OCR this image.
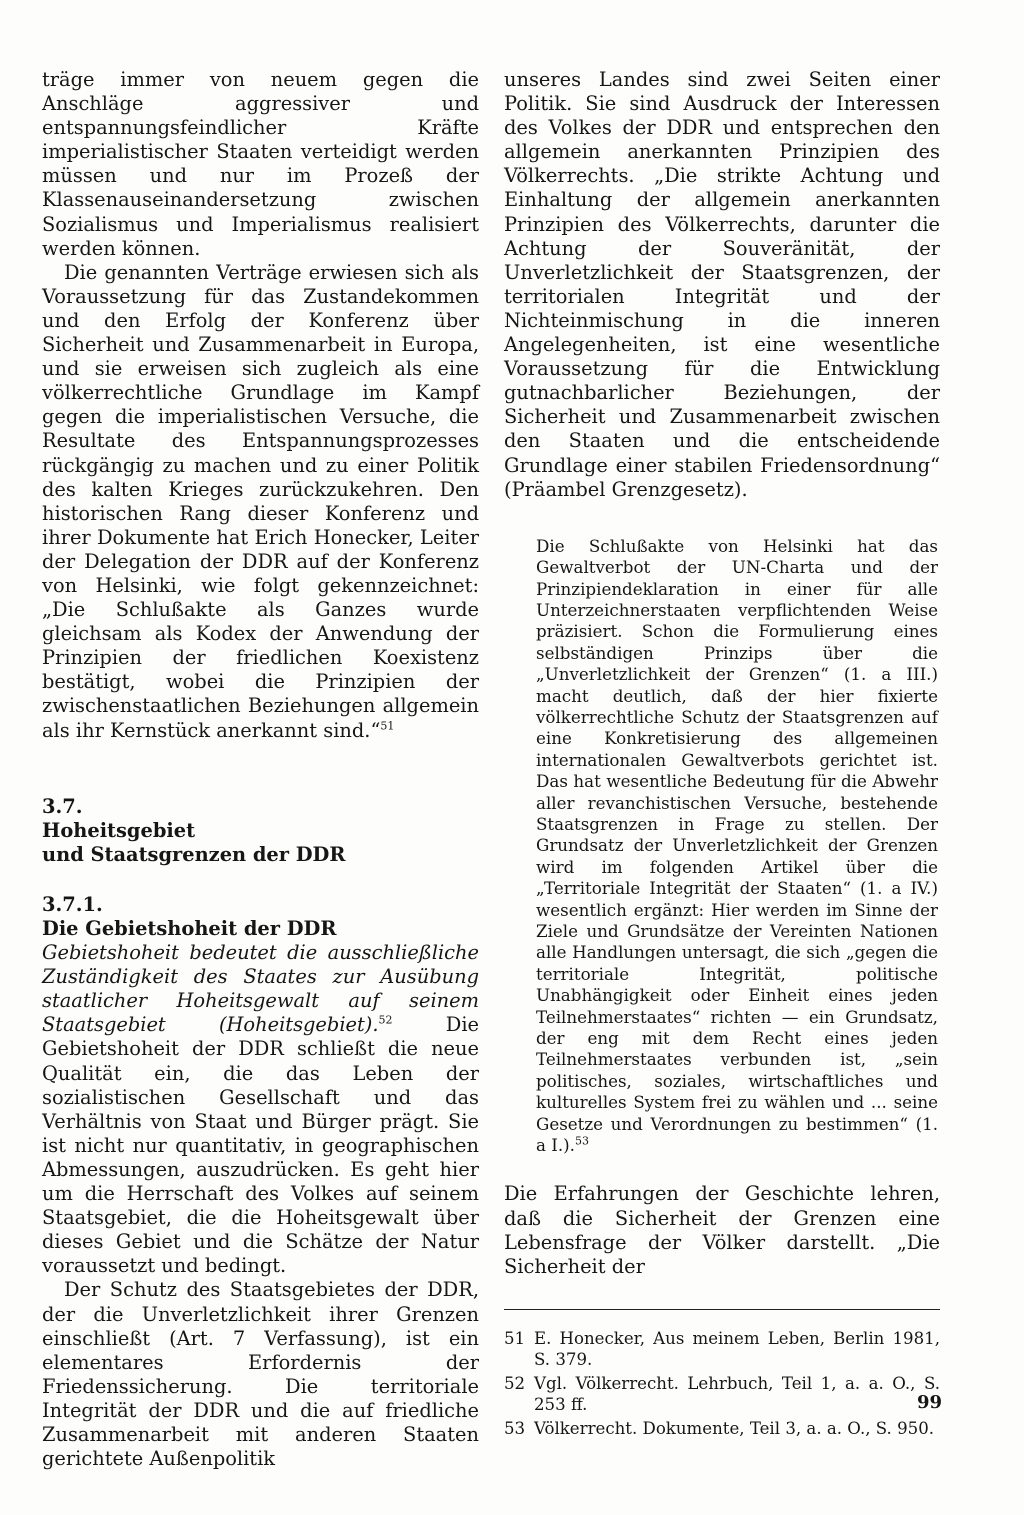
träge immer von neuem gegen die Anschläge aggressiver und entspannungsfeindlicher Kräfte imperialistischer Staaten verteidigt werden müssen und nur im Prozeß der Klassenauseinandersetzung zwischen Sozialismus und Imperialismus realisiert werden können.

Die genannten Verträge erwiesen sich als Voraussetzung für das Zustandekommen und den Erfolg der Konferenz über Sicherheit und Zusammenarbeit in Europa, und sie erweisen sich zugleich als eine völkerrechtliche Grundlage im Kampf gegen die imperialistischen Versuche, die Resultate des Entspannungsprozesses rückgängig zu machen und zu einer Politik des kalten Krieges zurückzukehren. Den historischen Rang dieser Konferenz und ihrer Dokumente hat Erich Honecker, Leiter der Delegation der DDR auf der Konferenz von Helsinki, wie folgt gekennzeichnet: „Die Schlußakte als Ganzes wurde gleichsam als Kodex der Anwendung der Prinzipien der friedlichen Koexistenz bestätigt, wobei die Prinzipien der zwischenstaatlichen Beziehungen allgemein als ihr Kernstück anerkannt sind.“$^{51}$

3.7.

Hoheitsgebiet

und Staatsgrenzen der DDR

3.7.1.

Die Gebietshoheit der DDR

Gebietshoheit bedeutet die ausschließliche Zuständigkeit des Staates zur Ausübung staatlicher Hoheitsgewalt auf seinem Staatsgebiet (Hoheitsgebiet).$^{52}$ Die Gebietshoheit der DDR schließt die neue Qualität ein, die das Leben der sozialistischen Gesellschaft und das Verhältnis von Staat und Bürger prägt. Sie ist nicht nur quantitativ, in geographischen Abmessungen, auszudrücken. Es geht hier um die Herrschaft des Volkes auf seinem Staatsgebiet, die die Hoheitsgewalt über dieses Gebiet und die Schätze der Natur voraussetzt und bedingt.

Der Schutz des Staatsgebietes der DDR, der die Unverletzlichkeit ihrer Grenzen einschließt (Art. 7 Verfassung), ist ein elementares Erfordernis der Friedenssicherung. Die territoriale Integrität der DDR und die auf friedliche Zusammenarbeit mit anderen Staaten gerichtete Außenpolitik

unseres Landes sind zwei Seiten einer Politik. Sie sind Ausdruck der Interessen des Volkes der DDR und entsprechen den allgemein anerkannten Prinzipien des Völkerrechts. „Die strikte Achtung und Einhaltung der allgemein anerkannten Prinzipien des Völkerrechts, darunter die Achtung der Souveränität, der Unverletzlichkeit der Staatsgrenzen, der territorialen Integrität und der Nichteinmischung in die inneren Angelegenheiten, ist eine wesentliche Voraussetzung für die Entwicklung gutnachbarlicher Beziehungen, der Sicherheit und Zusammenarbeit zwischen den Staaten und die entscheidende Grundlage einer stabilen Friedensordnung“ (Präambel Grenzgesetz).

Die Schlußakte von Helsinki hat das Gewaltverbot der UN-Charta und der Prinzipiendeklaration in einer für alle Unterzeichnerstaaten verpflichtenden Weise präzisiert. Schon die Formulierung eines selbständigen Prinzips über die „Unverletzlichkeit der Grenzen“ (1. a III.) macht deutlich, daß der hier fixierte völkerrechtliche Schutz der Staatsgrenzen auf eine Konkretisierung des allgemeinen internationalen Gewaltverbots gerichtet ist. Das hat wesentliche Bedeutung für die Abwehr aller revanchistischen Versuche, bestehende Staatsgrenzen in Frage zu stellen. Der Grundsatz der Unverletzlichkeit der Grenzen wird im folgenden Artikel über die „Territoriale Integrität der Staaten“ (1. a IV.) wesentlich ergänzt: Hier werden im Sinne der Ziele und Grundsätze der Vereinten Nationen alle Handlungen untersagt, die sich „gegen die territoriale Integrität, politische Unabhängigkeit oder Einheit eines jeden Teilnehmerstaates“ richten — ein Grundsatz, der eng mit dem Recht eines jeden Teilnehmerstaates verbunden ist, „sein politisches, soziales, wirtschaftliches und kulturelles System frei zu wählen und ... seine Gesetze und Verordnungen zu bestimmen“ (1. a I.).$^{53}$

Die Erfahrungen der Geschichte lehren, daß die Sicherheit der Grenzen eine Lebensfrage der Völker darstellt. „Die Sicherheit der

51 E. Honecker, Aus meinem Leben, Berlin 1981, S. 379.
52 Vgl. Völkerrecht. Lehrbuch, Teil 1, a. a. O., S. 253 ff.
53 Völkerrecht. Dokumente, Teil 3, a. a. O., S. 950.
99
